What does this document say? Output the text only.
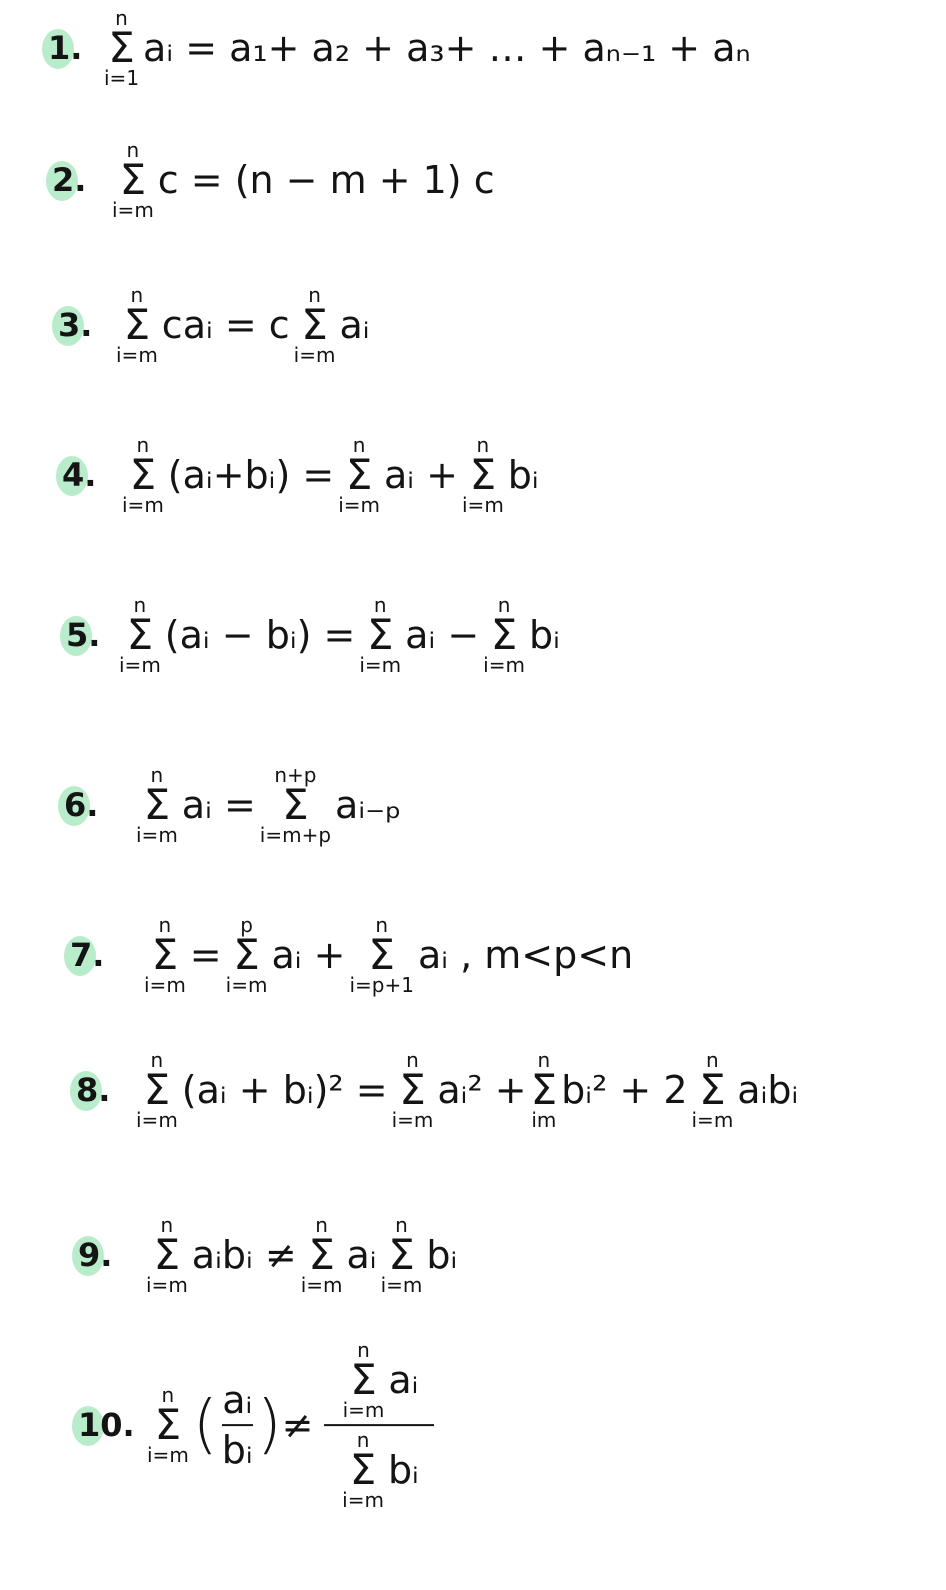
1.
n
Σ
i=1
aᵢ = a₁+ a₂ + a₃+ … + aₙ₋₁ + aₙ
2.
n
Σ
i=m
c = (n − m + 1) c
3.
n
Σ
i=m
caᵢ = c
n
Σ
i=m
aᵢ
4.
n
Σ
i=m
(aᵢ+bᵢ) =
n
Σ
i=m
aᵢ +
n
Σ
i=m
bᵢ
5.
n
Σ
i=m
(aᵢ − bᵢ) =
n
Σ
i=m
aᵢ −
n
Σ
i=m
bᵢ
6.
n
Σ
i=m
aᵢ =
n+p
Σ
i=m+p
aᵢ₋ₚ
7.
n
Σ
i=m
=
p
Σ
i=m
aᵢ +
n
Σ
i=p+1
aᵢ , m<p<n
8.
n
Σ
i=m
(aᵢ + bᵢ)² =
n
Σ
i=m
aᵢ² +
n
Σ
im
bᵢ² + 2
n
Σ
i=m
aᵢbᵢ
9.
n
Σ
i=m
aᵢbᵢ ≠
n
Σ
i=m
aᵢ
n
Σ
i=m
bᵢ
10.
n
Σ
i=m ( $\frac{\text{aᵢ}}{\text{bᵢ}}$ ) ≠ n
Σ
i=m
aᵢ
n
Σ
i=m
bᵢ
